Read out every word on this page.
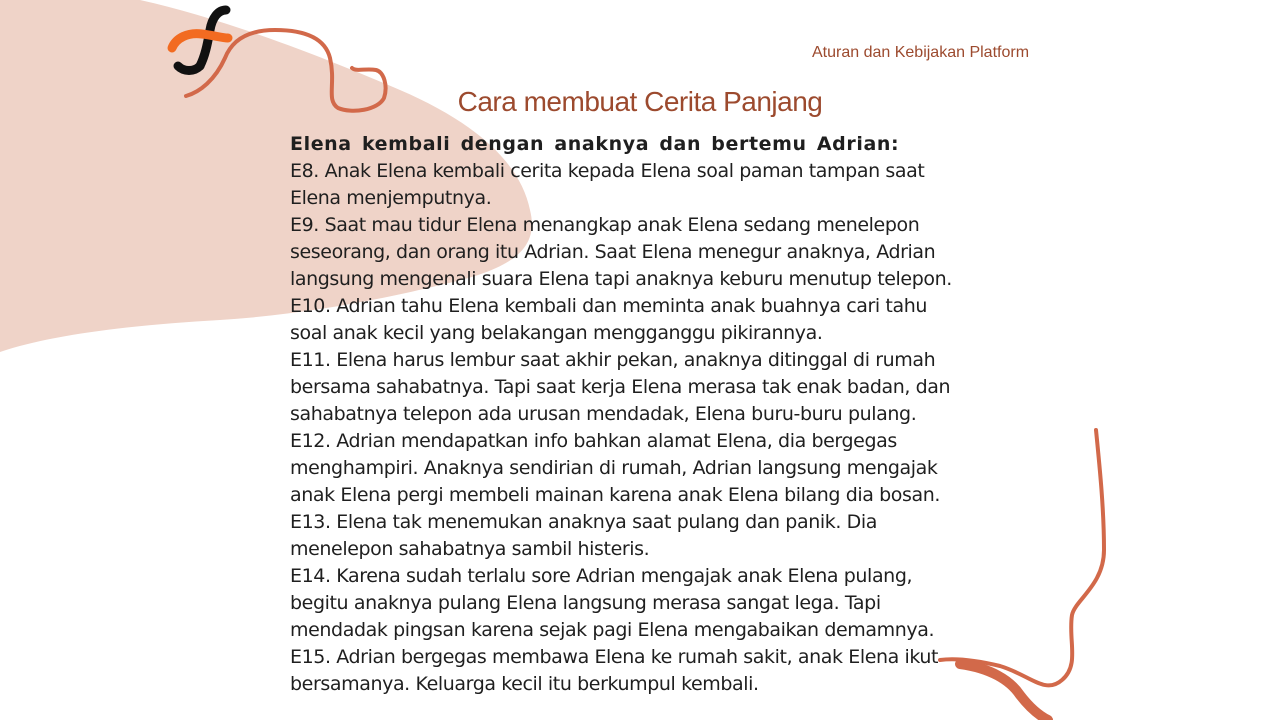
Aturan dan Kebijakan Platform
Cara membuat Cerita Panjang
Elena kembali dengan anaknya dan bertemu Adrian:
E8. Anak Elena kembali cerita kepada Elena soal paman tampan saat
Elena menjemputnya.
E9. Saat mau tidur Elena menangkap anak Elena sedang menelepon
seseorang, dan orang itu Adrian. Saat Elena menegur anaknya, Adrian
langsung mengenali suara Elena tapi anaknya keburu menutup telepon.
E10. Adrian tahu Elena kembali dan meminta anak buahnya cari tahu
soal anak kecil yang belakangan mengganggu pikirannya.
E11. Elena harus lembur saat akhir pekan, anaknya ditinggal di rumah
bersama sahabatnya. Tapi saat kerja Elena merasa tak enak badan, dan
sahabatnya telepon ada urusan mendadak, Elena buru-buru pulang.
E12. Adrian mendapatkan info bahkan alamat Elena, dia bergegas
menghampiri. Anaknya sendirian di rumah, Adrian langsung mengajak
anak Elena pergi membeli mainan karena anak Elena bilang dia bosan.
E13. Elena tak menemukan anaknya saat pulang dan panik. Dia
menelepon sahabatnya sambil histeris.
E14. Karena sudah terlalu sore Adrian mengajak anak Elena pulang,
begitu anaknya pulang Elena langsung merasa sangat lega. Tapi
mendadak pingsan karena sejak pagi Elena mengabaikan demamnya.
E15. Adrian bergegas membawa Elena ke rumah sakit, anak Elena ikut
bersamanya. Keluarga kecil itu berkumpul kembali.
